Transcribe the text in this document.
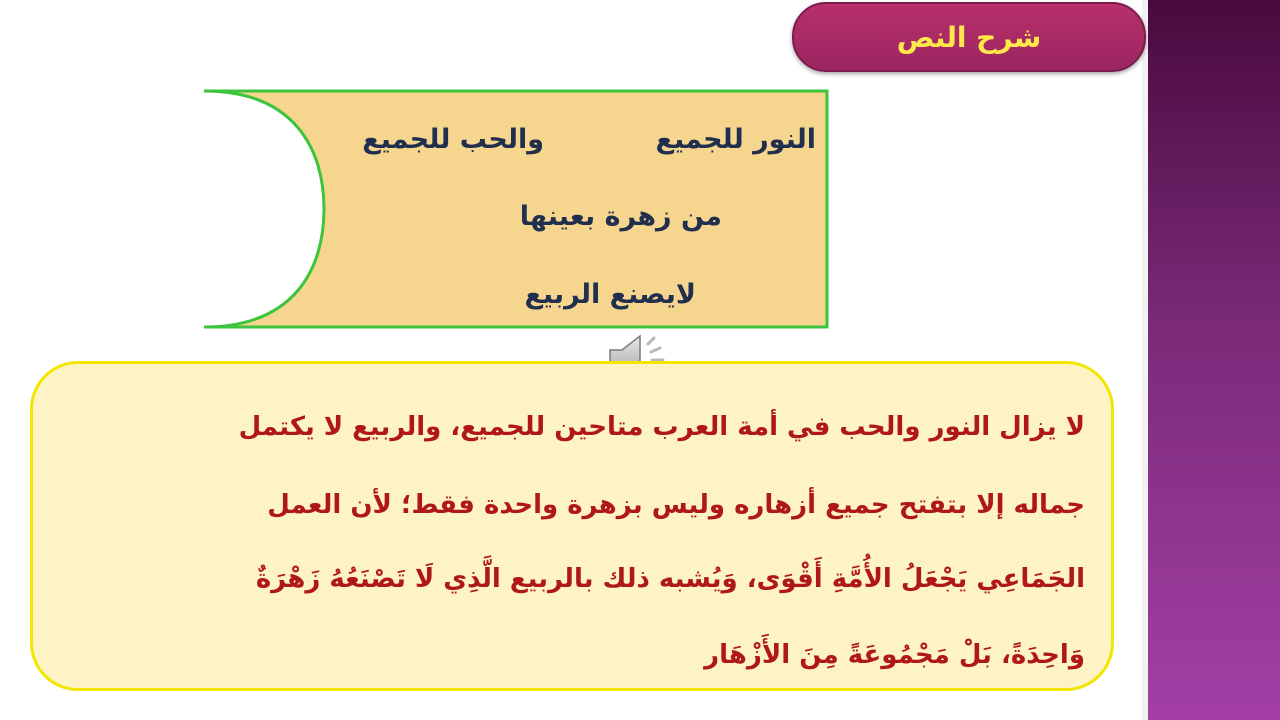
شرح النص
النور للجميع
والحب للجميع
من زهرة بعينها
لايصنع الربيع
لا يزال النور والحب في أمة العرب متاحين للجميع، والربيع لا يكتمل
جماله إلا بتفتح جميع أزهاره وليس بزهرة واحدة فقط؛ لأن العمل
الجَمَاعِي يَجْعَلُ الأُمَّةِ أَقْوَى، وَيُشبه ذلك بالربيع الَّذِي لَا تَصْنَعُهُ زَهْرَةٌ
وَاحِدَةً، بَلْ مَجْمُوعَةً مِنَ الأَزْهَار
